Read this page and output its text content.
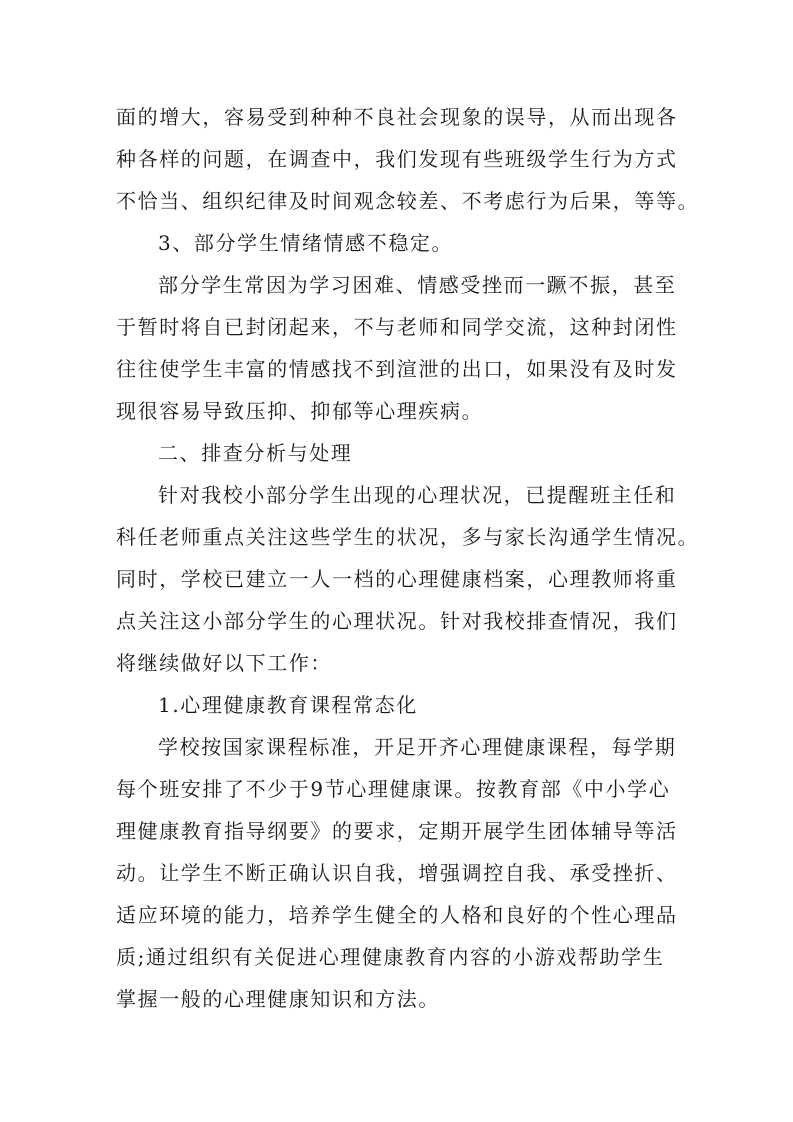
面的增大，容易受到种种不良社会现象的误导，从而出现各
种各样的问题，在调查中，我们发现有些班级学生行为方式
不恰当、组织纪律及时间观念较差、不考虑行为后果，等等。
3、部分学生情绪情感不稳定。
部分学生常因为学习困难、情感受挫而一蹶不振，甚至
于暂时将自已封闭起来，不与老师和同学交流，这种封闭性
往往使学生丰富的情感找不到渲泄的出口，如果没有及时发
现很容易导致压抑、抑郁等心理疾病。
二、排查分析与处理
针对我校小部分学生出现的心理状况，已提醒班主任和
科任老师重点关注这些学生的状况，多与家长沟通学生情况。
同时，学校已建立一人一档的心理健康档案，心理教师将重
点关注这小部分学生的心理状况。针对我校排查情况，我们
将继续做好以下工作：
1.心理健康教育课程常态化
学校按国家课程标准，开足开齐心理健康课程，每学期
每个班安排了不少于9节心理健康课。按教育部《中小学心
理健康教育指导纲要》的要求，定期开展学生团体辅导等活
动。让学生不断正确认识自我，增强调控自我、承受挫折、
适应环境的能力，培养学生健全的人格和良好的个性心理品
质;通过组织有关促进心理健康教育内容的小游戏帮助学生
掌握一般的心理健康知识和方法。
